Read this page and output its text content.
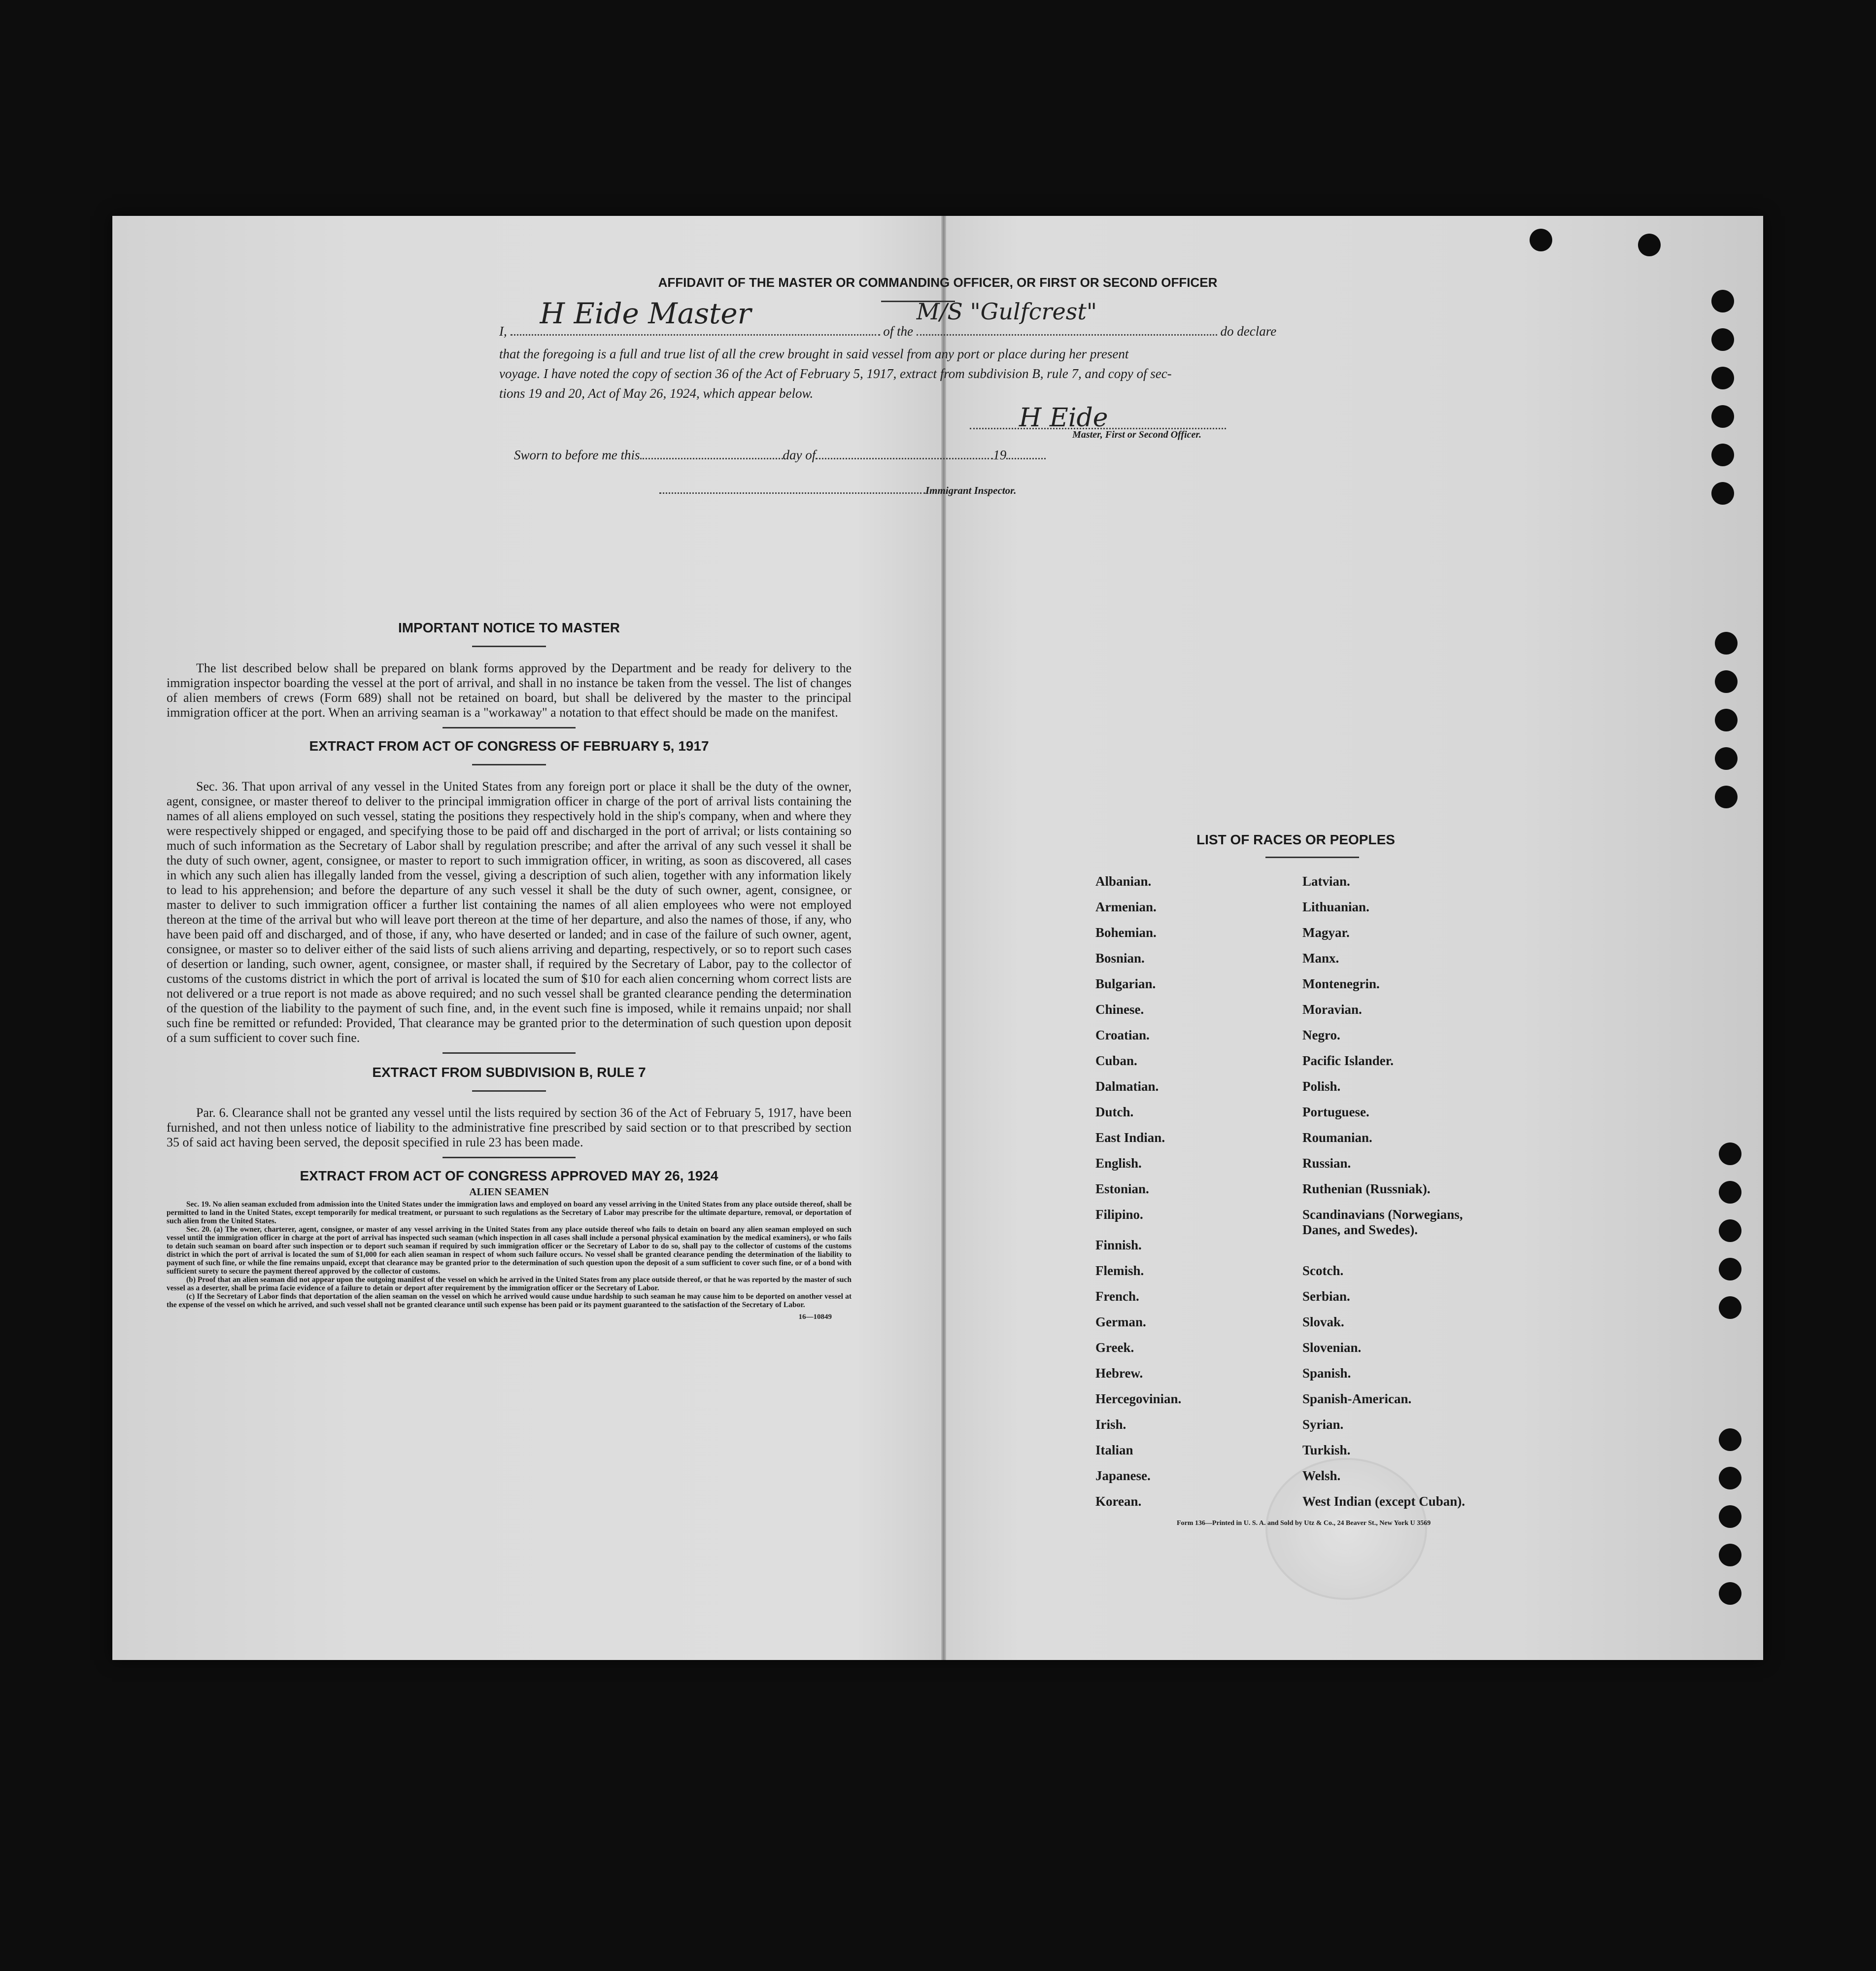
AFFIDAVIT OF THE MASTER OR COMMANDING OFFICER, OR FIRST OR SECOND OFFICER
I,
H Eide Master
of the
M/S "Gulfcrest"
do declare
that the foregoing is a full and true list of all the crew brought in said vessel from any port or place during her present
voyage. I have noted the copy of section 36 of the Act of February 5, 1917, extract from subdivision B, rule 7, and copy of sec-
tions 19 and 20, Act of May 26, 1924, which appear below.
H Eide
Master, First or Second Officer.
Sworn to before me this	day of	19
Immigrant Inspector.
IMPORTANT NOTICE TO MASTER
The list described below shall be prepared on blank forms approved by the Department and be ready for delivery to the immigration inspector boarding the vessel at the port of arrival, and shall in no instance be taken from the vessel. The list of changes of alien members of crews (Form 689) shall not be retained on board, but shall be delivered by the master to the principal immigration officer at the port. When an arriving seaman is a "workaway" a notation to that effect should be made on the manifest.
EXTRACT FROM ACT OF CONGRESS OF FEBRUARY 5, 1917
Sec. 36. That upon arrival of any vessel in the United States from any foreign port or place it shall be the duty of the owner, agent, consignee, or master thereof to deliver to the principal immigration officer in charge of the port of arrival lists containing the names of all aliens employed on such vessel, stating the positions they respectively hold in the ship's company, when and where they were respectively shipped or engaged, and specifying those to be paid off and discharged in the port of arrival; or lists containing so much of such information as the Secretary of Labor shall by regulation prescribe; and after the arrival of any such vessel it shall be the duty of such owner, agent, consignee, or master to report to such immigration officer, in writing, as soon as discovered, all cases in which any such alien has illegally landed from the vessel, giving a description of such alien, together with any information likely to lead to his apprehension; and before the departure of any such vessel it shall be the duty of such owner, agent, consignee, or master to deliver to such immigration officer a further list containing the names of all alien employees who were not employed thereon at the time of the arrival but who will leave port thereon at the time of her departure, and also the names of those, if any, who have been paid off and discharged, and of those, if any, who have deserted or landed; and in case of the failure of such owner, agent, consignee, or master so to deliver either of the said lists of such aliens arriving and departing, respectively, or so to report such cases of desertion or landing, such owner, agent, consignee, or master shall, if required by the Secretary of Labor, pay to the collector of customs of the customs district in which the port of arrival is located the sum of $10 for each alien concerning whom correct lists are not delivered or a true report is not made as above required; and no such vessel shall be granted clearance pending the determination of the question of the liability to the payment of such fine, and, in the event such fine is imposed, while it remains unpaid; nor shall such fine be remitted or refunded: Provided, That clearance may be granted prior to the determination of such question upon deposit of a sum sufficient to cover such fine.
EXTRACT FROM SUBDIVISION B, RULE 7
Par. 6. Clearance shall not be granted any vessel until the lists required by section 36 of the Act of February 5, 1917, have been furnished, and not then unless notice of liability to the administrative fine prescribed by said section or to that prescribed by section 35 of said act having been served, the deposit specified in rule 23 has been made.
EXTRACT FROM ACT OF CONGRESS APPROVED MAY 26, 1924
ALIEN SEAMEN
Sec. 19. No alien seaman excluded from admission into the United States under the immigration laws and employed on board any vessel arriving in the United States from any place outside thereof, shall be permitted to land in the United States, except temporarily for medical treatment, or pursuant to such regulations as the Secretary of Labor may prescribe for the ultimate departure, removal, or deportation of such alien from the United States.
Sec. 20. (a) The owner, charterer, agent, consignee, or master of any vessel arriving in the United States from any place outside thereof who fails to detain on board any alien seaman employed on such vessel until the immigration officer in charge at the port of arrival has inspected such seaman (which inspection in all cases shall include a personal physical examination by the medical examiners), or who fails to detain such seaman on board after such inspection or to deport such seaman if required by such immigration officer or the Secretary of Labor to do so, shall pay to the collector of customs of the customs district in which the port of arrival is located the sum of $1,000 for each alien seaman in respect of whom such failure occurs. No vessel shall be granted clearance pending the determination of the liability to payment of such fine, or while the fine remains unpaid, except that clearance may be granted prior to the determination of such question upon the deposit of a sum sufficient to cover such fine, or of a bond with sufficient surety to secure the payment thereof approved by the collector of customs.
(b) Proof that an alien seaman did not appear upon the outgoing manifest of the vessel on which he arrived in the United States from any place outside thereof, or that he was reported by the master of such vessel as a deserter, shall be prima facie evidence of a failure to detain or deport after requirement by the immigration officer or the Secretary of Labor.
(c) If the Secretary of Labor finds that deportation of the alien seaman on the vessel on which he arrived would cause undue hardship to such seaman he may cause him to be deported on another vessel at the expense of the vessel on which he arrived, and such vessel shall not be granted clearance until such expense has been paid or its payment guaranteed to the satisfaction of the Secretary of Labor.
16—10849
LIST OF RACES OR PEOPLES
Albanian.	Latvian.
Armenian.	Lithuanian.
Bohemian.	Magyar.
Bosnian.	Manx.
Bulgarian.	Montenegrin.
Chinese.	Moravian.
Croatian.	Negro.
Cuban.	Pacific Islander.
Dalmatian.	Polish.
Dutch.	Portuguese.
East Indian.	Roumanian.
English.	Russian.
Estonian.	Ruthenian (Russniak).
Filipino.	Scandinavians (Norwegians, Danes, and Swedes).
Finnish.	
Flemish.	Scotch.
French.	Serbian.
German.	Slovak.
Greek.	Slovenian.
Hebrew.	Spanish.
Hercegovinian.	Spanish-American.
Irish.	Syrian.
Italian	Turkish.
Japanese.	Welsh.
Korean.	West Indian (except Cuban).
Form 136—Printed in U. S. A. and Sold by Utz & Co., 24 Beaver St., New York U 3569
